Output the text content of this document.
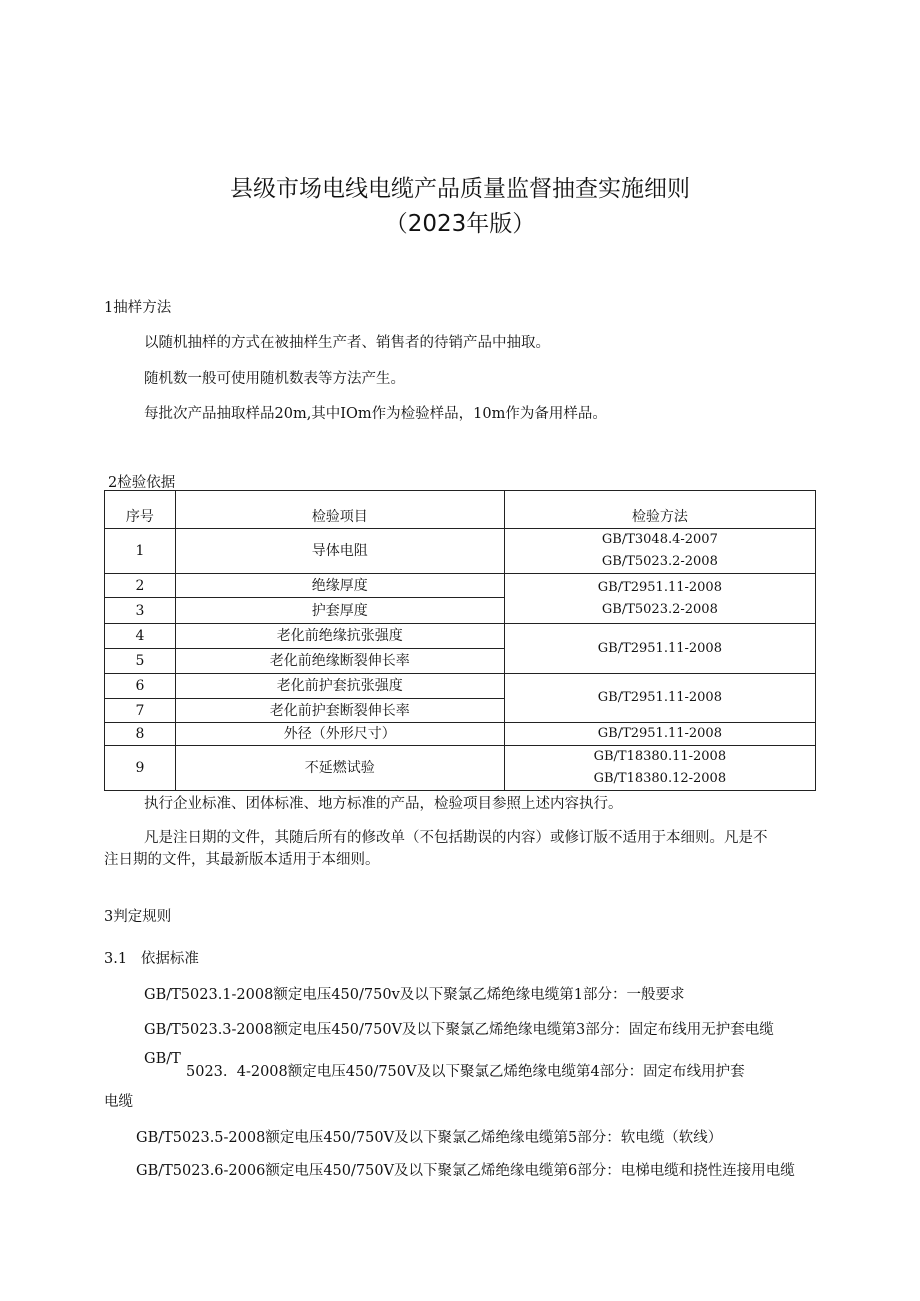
县级市场电线电缆产品质量监督抽查实施细则
（2023年版）
1抽样方法
以随机抽样的方式在被抽样生产者、销售者的待销产品中抽取。
随机数一般可使用随机数表等方法产生。
每批次产品抽取样品20m,其中IOm作为检验样品，10m作为备用样品。
2检验依据
序号	检验项目	检验方法
1	导体电阻	GB/T3048.4-2007
GB/T5023.2-2008

2	绝缘厚度	GB/T2951.11-2008
GB/T5023.2-2008

3	护套厚度	
4	老化前绝缘抗张强度	GB/T2951.11-2008
5	老化前绝缘断裂伸长率	
6	老化前护套抗张强度	GB/T2951.11-2008
7	老化前护套断裂伸长率	
8	外径（外形尺寸）	GB/T2951.11-2008
9	不延燃试验	GB/T18380.11-2008
GB/T18380.12-2008
执行企业标准、团体标准、地方标准的产品，检验项目参照上述内容执行。
凡是注日期的文件，其随后所有的修改单（不包括勘误的内容）或修订版不适用于本细则。凡是不
注日期的文件，其最新版本适用于本细则。
3判定规则
3.1   依据标准
GB/T5023.1-2008额定电压450/750v及以下聚氯乙烯绝缘电缆第1部分：一般要求
GB/T5023.3-2008额定电压450/750V及以下聚氯乙烯绝缘电缆第3部分：固定布线用无护套电缆
GB/T
5023.  4-2008额定电压450/750V及以下聚氯乙烯绝缘电缆第4部分：固定布线用护套
电缆
GB/T5023.5-2008额定电压450/750V及以下聚氯乙烯绝缘电缆第5部分：软电缆（软线）
GB/T5023.6-2006额定电压450/750V及以下聚氯乙烯绝缘电缆第6部分：电梯电缆和挠性连接用电缆
